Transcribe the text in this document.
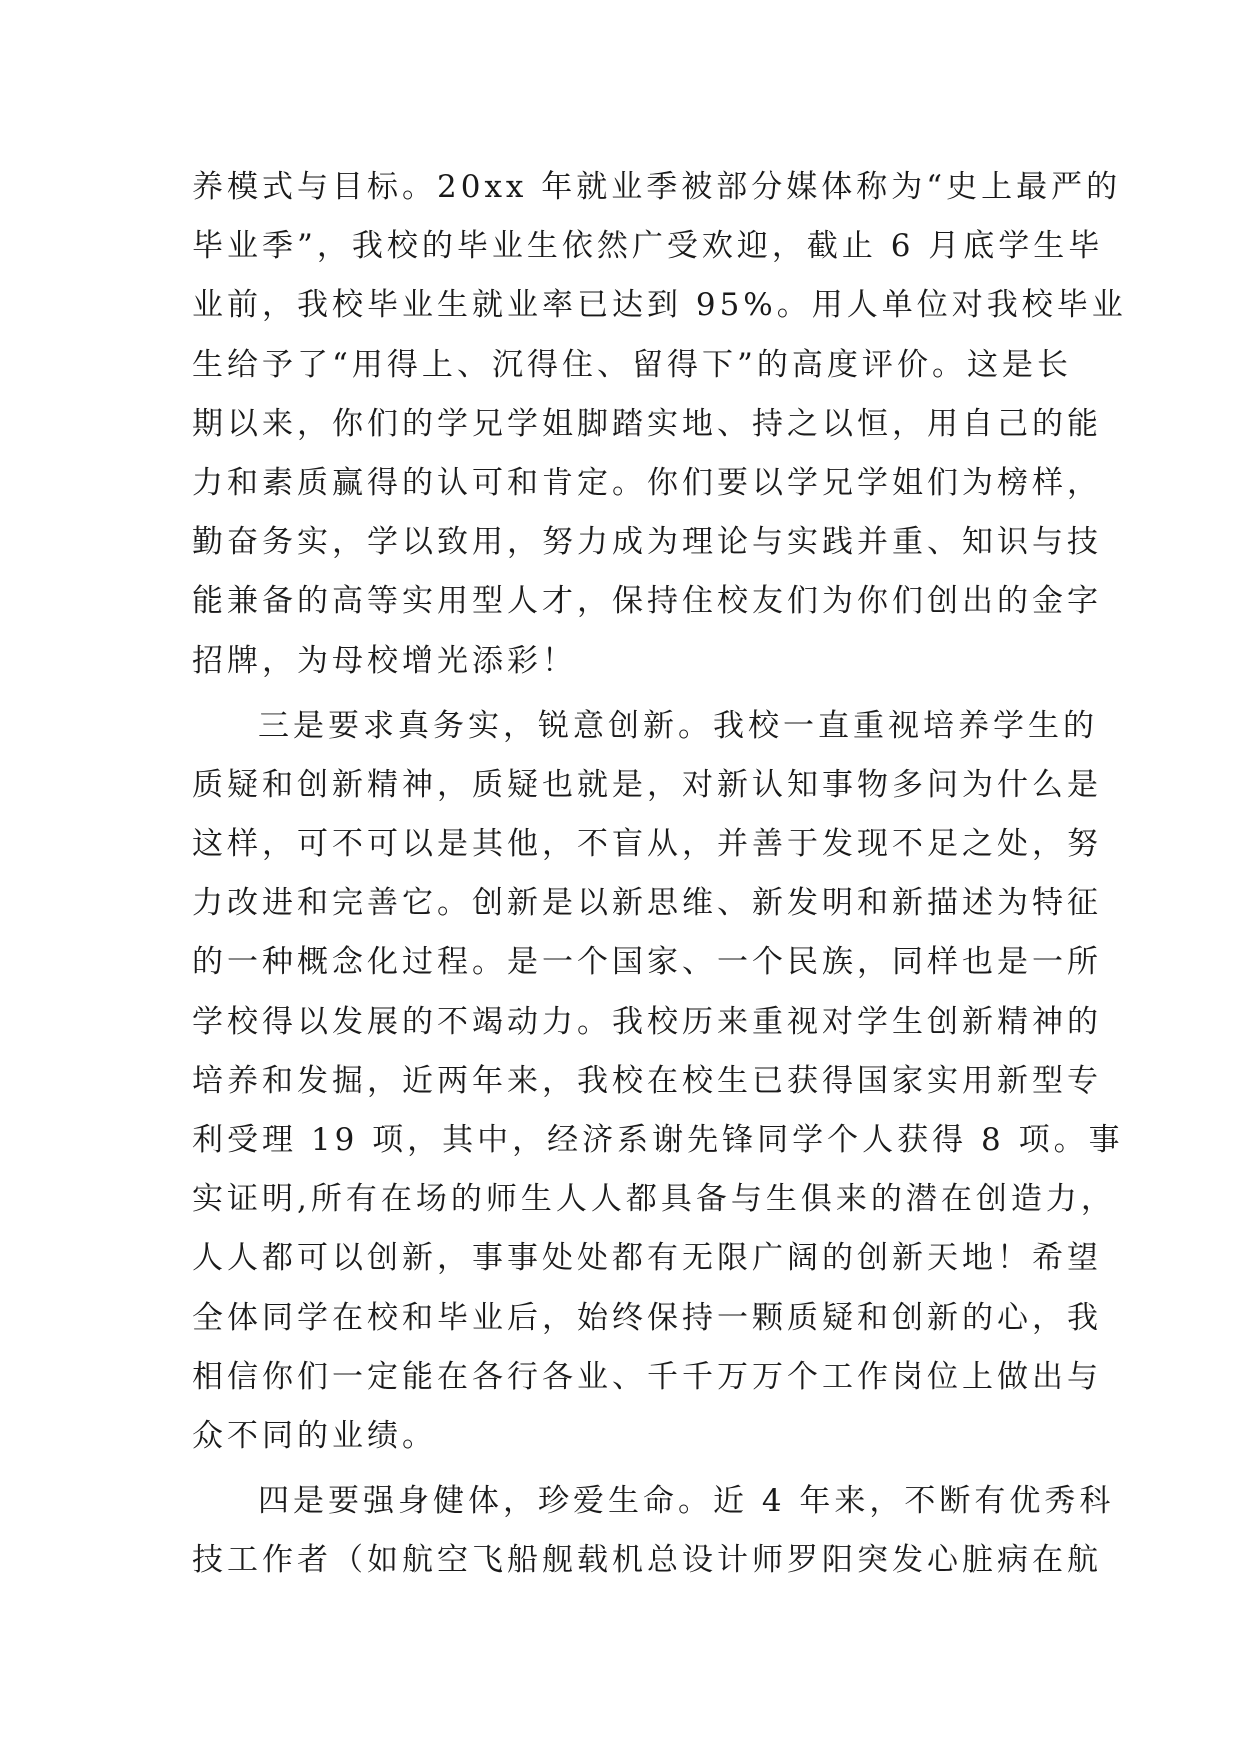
养模式与目标。20xx 年就业季被部分媒体称为“史上最严的
毕业季”，我校的毕业生依然广受欢迎，截止 6 月底学生毕
业前，我校毕业生就业率已达到 95%。用人单位对我校毕业
生给予了“用得上、沉得住、留得下”的高度评价。这是长
期以来，你们的学兄学姐脚踏实地、持之以恒，用自己的能
力和素质赢得的认可和肯定。你们要以学兄学姐们为榜样，
勤奋务实，学以致用，努力成为理论与实践并重、知识与技
能兼备的高等实用型人才，保持住校友们为你们创出的金字
招牌，为母校增光添彩！
三是要求真务实，锐意创新。我校一直重视培养学生的
质疑和创新精神，质疑也就是，对新认知事物多问为什么是
这样，可不可以是其他，不盲从，并善于发现不足之处，努
力改进和完善它。创新是以新思维、新发明和新描述为特征
的一种概念化过程。是一个国家、一个民族，同样也是一所
学校得以发展的不竭动力。我校历来重视对学生创新精神的
培养和发掘，近两年来，我校在校生已获得国家实用新型专
利受理 19 项，其中，经济系谢先锋同学个人获得 8 项。事
实证明,所有在场的师生人人都具备与生俱来的潜在创造力，
人人都可以创新，事事处处都有无限广阔的创新天地！希望
全体同学在校和毕业后，始终保持一颗质疑和创新的心，我
相信你们一定能在各行各业、千千万万个工作岗位上做出与
众不同的业绩。
四是要强身健体，珍爱生命。近 4 年来，不断有优秀科
技工作者（如航空飞船舰载机总设计师罗阳突发心脏病在航
